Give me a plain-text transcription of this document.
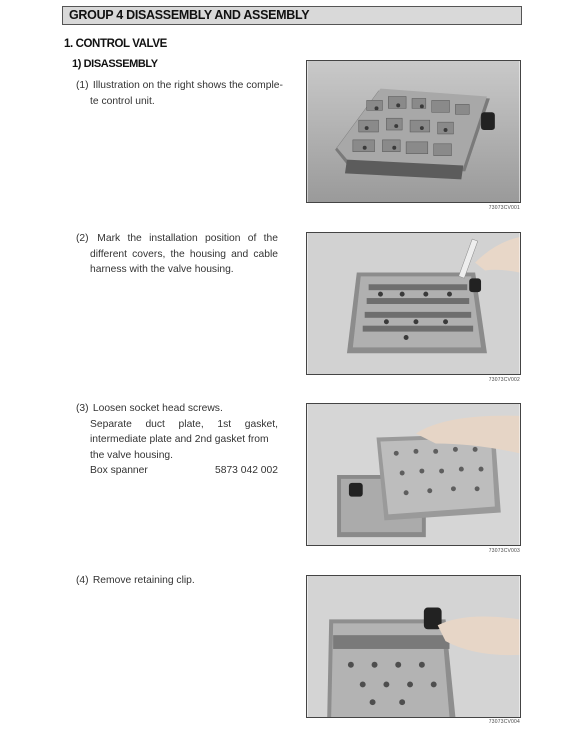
GROUP 4 DISASSEMBLY AND ASSEMBLY
1. CONTROL VALVE
1) DISASSEMBLY
(1) Illustration on the right shows the comple-
te control unit.
(2) Mark the installation position of the
different covers, the housing and cable
harness with the valve housing.
(3) Loosen socket head screws.
Separate duct plate, 1st gasket,
intermediate plate and 2nd gasket from
the valve housing.
Box spanner	5873 042 002
(4) Remove retaining clip.
73073CV001
73073CV002
73073CV003
73073CV004
